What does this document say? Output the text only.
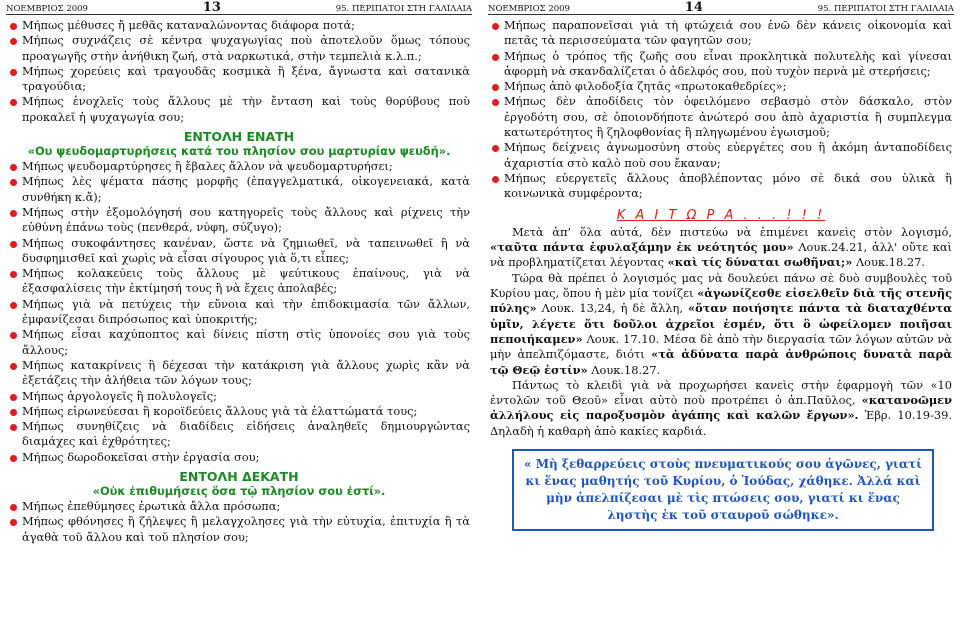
ΝΟΕΜΒΡΙΟΣ 2009	13	95. ΠΕΡΙΠΑΤΟΙ ΣΤΗ ΓΑΛΙΛΑΙΑ

Μήπως μέθυσες ἤ μεθᾶς καταναλώνοντας διάφορα ποτά;

Μήπως συχνάζεις σὲ κέντρα ψυχαγωγίας ποὺ ἀποτελοῦν ὅμως τόπους προαγωγῆς στὴν ἀνήθικη ζωή, στὰ ναρκωτικά, στὴν τεμπελιὰ κ.λ.π.;

Μήπως χορεύεις καὶ τραγουδᾶς κοσμικὰ ἢ ξένα, ἄγνωστα καὶ σατανικὰ τραγούδια;

Μήπως ἐνοχλεῖς τοὺς ἄλλους μὲ τὴν ἔνταση καὶ τοὺς θορύβους ποὺ προκαλεῖ ἡ ψυχαγωγία σου;

ΕΝΤΟΛΗ ΕΝΑΤΗ

«Ου ψευδομαρτυρήσεις κατά του πλησίον σου μαρτυρίαν ψευδή».

Μήπως ψευδομαρτύρησες ἢ ἔβαλες ἄλλον νὰ ψευδομαρτυρήσει;

Μήπως λὲς ψέματα πάσης μορφῆς (ἐπαγγελματικά, οἰκογενειακά, κατὰ συνθήκη κ.ἄ);

Μήπως στὴν ἐξομολόγησή σου κατηγορεῖς τοὺς ἄλλους καὶ ρίχνεις τὴν εὐθύνη ἐπάνω τοὺς (πενθερά, νύφη, σύζυγο);

Μήπως συκοφάντησες κανέναν, ὥστε νὰ ζημιωθεῖ, νὰ ταπεινωθεῖ ἢ νὰ δυσφημισθεῖ καὶ χωρὶς νὰ εἶσαι σίγουρος γιὰ ὅ,τι εἶπες;

Μήπως κολακεύεις τοὺς ἄλλους μὲ ψεύτικους ἐπαίνους, γιὰ νὰ ἐξασφαλίσεις τὴν ἐκτίμησή τους ἢ νὰ ἔχεις ἀπολαβές;

Μήπως γιὰ νὰ πετύχεις τὴν εὔνοια καὶ τὴν ἐπιδοκιμασία τῶν ἄλλων, ἐμφανίζεσαι διπρόσωπος καὶ ὑποκριτής;

Μήπως εἶσαι καχύποπτος καὶ δίνεις πίστη στὶς ὑπονοίες σου γιὰ τοὺς ἄλλους;

Μήπως κατακρίνεις ἢ δέχεσαι τὴν κατάκριση γιὰ ἄλλους χωρὶς κἂν νὰ ἐξετάζεις τὴν ἀλήθεια τῶν λόγων τους;

Μήπως ἀργολογεῖς ἢ πολυλογεῖς;

Μήπως εἰρωνεύεσαι ἢ κοροϊδεύεις ἄλλους γιὰ τὰ ἐλαττώματά τους;

Μήπως συνηθίζεις νὰ διαδίδεις εἰδήσεις ἀναληθεῖς δημιουργώντας διαμάχες καὶ ἐχθρότητες;

Μήπως δωροδοκεῖσαι στὴν ἐργασία σου;

ΕΝΤΟΛΗ ΔΕΚΑΤΗ

«Οὐκ ἐπιθυμήσεις ὅσα τῷ πλησίον σου ἐστί».

Μήπως ἐπεθύμησες ἐρωτικὰ ἄλλα πρόσωπα;

Μήπως φθόνησες ἢ ζήλεψες ἢ μελαγχολησες γιὰ τὴν εὐτυχία, ἐπιτυχία ἢ τὰ ἀγαθὰ τοῦ ἄλλου καὶ τοῦ πλησίον σου;

ΝΟΕΜΒΡΙΟΣ 2009	14	95. ΠΕΡΙΠΑΤΟΙ ΣΤΗ ΓΑΛΙΛΑΙΑ

Μήπως παραπονεῖσαι γιὰ τὴ φτώχειά σου ἐνῶ δὲν κάνεις οἰκονομία καὶ πετᾶς τὰ περισσεύματα τῶν φαγητῶν σου;

Μήπως ὁ τρόπος τῆς ζωῆς σου εἶναι προκλητικὰ πολυτελὴς καὶ γίνεσαι ἀφορμὴ νὰ σκανδαλίζεται ὁ ἀδελφός σου, ποὺ τυχὸν περνὰ μὲ στερήσεις;

Μήπως ἀπὸ φιλοδοξία ζητᾶς «πρωτοκαθεδρίες»;

Μήπως δὲν ἀποδίδεις τὸν ὀφειλόμενο σεβασμὸ στὸν δάσκαλο, στὸν ἐργοδότη σου, σὲ ὁποιονδήποτε ἀνώτερό σου ἀπὸ ἀχαριστία ἢ συμπλεγμα κατωτερότητος ἢ ζηλοφθονίας ἢ πληγωμένου ἐγωισμοῦ;

Μήπως δείχνεις ἀγνωμοσύνη στοὺς εὐεργέτες σου ἢ ἀκόμη ἀνταποδίδεις ἀχαριστία στὸ καλὸ ποὺ σου ἔκαναν;

Μήπως εὐεργετεῖς ἄλλους ἀποβλέποντας μόνο σὲ δικά σου ὑλικὰ ἢ κοινωνικὰ συμφέροντα;

Κ Α Ι Τ Ω Ρ Α . . . ! ! !

Μετὰ ἀπ’ ὅλα αὐτά, δὲν πιστεύω νὰ ἐπιμένει κανεὶς στὸν λογισμό, «ταῦτα πάντα ἐφυλαξάμην ἐκ νεότητός μου» Λουκ.24.21, ἀλλ' οὔτε καὶ νὰ προβληματίζεται λέγοντας «καὶ τίς δύναται σωθῆναι;» Λουκ.18.27.

Τώρα θὰ πρέπει ὁ λογισμός μας νὰ δουλεύει πάνω σὲ δυὸ συμβουλὲς τοῦ Κυρίου μας, ὅπου ἡ μὲν μία τονίζει «ἀγωνίζεσθε εἰσελθεῖν διὰ τῆς στενῆς πύλης» Λουκ. 13,24, ἡ δὲ ἄλλη, «ὅταν ποιήσητε πάντα τὰ διαταχθέντα ὑμῖν, λέγετε ὅτι δοῦλοι ἀχρεῖοι ἐσμέν, ὅτι ὃ ὠφείλομεν ποιῆσαι πεποιήκαμεν» Λουκ. 17.10. Μέσα δὲ ἀπὸ τὴν διεργασία τῶν λόγων αὐτῶν νὰ μὴν ἀπελπιζόμαστε, διότι «τὰ ἀδύνατα παρὰ ἀνθρώποις δυνατὰ παρὰ τῷ Θεῷ ἐστίν» Λουκ.18.27.

Πάντως τὸ κλειδὶ γιὰ νὰ προχωρήσει κανεὶς στὴν ἐφαρμογὴ τῶν «10 ἐντολῶν τοῦ Θεοῦ» εἶναι αὐτὸ ποὺ προτρέπει ὁ ἀπ.Παῦλος, «κατανοῶμεν ἀλλήλους εἰς παροξυσμὸν ἀγάπης καὶ καλῶν ἔργων». Ἑβρ. 10.19-39. Δηλαδὴ ἡ καθαρὴ ἀπὸ κακίες καρδιά.

« Μὴ ξεθαρρεύεις στοὺς πνευματικούς σου ἀγῶνες, γιατί κι ἕνας μαθητής τοῦ Κυρίου, ὁ Ἰούδας, χάθηκε. Ἀλλά καὶ μὴν ἀπελπίζεσαι μὲ τὶς πτώσεις σου, γιατί κι ἕνας ληστὴς ἐκ τοῦ σταυροῦ σώθηκε».
